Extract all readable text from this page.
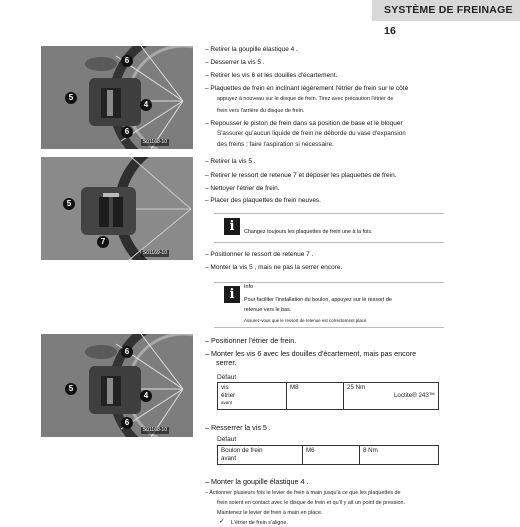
SYSTÈME DE FREINAGE 16
6
5
4
6
S01168-10
– Retirer la goupille élastique 4 .
– Desserrer la vis 5 .
– Retirer les vis 6 et les douilles d'écartement.
– Plaquettes de frein en inclinant légèrement l'étrier de frein sur le côté
appuyez à nouveau sur le disque de frein. Tirez avec précaution l'étrier de
frein vers l'arrière du disque de frein.
– Repousser le piston de frein dans sa position de base et le bloquer
S'assurer qu'aucun liquide de frein ne déborde du vase d'expansion
des freins ; faire l'aspiration si nécessaire.
5
7
S01169-10
– Retirer la vis 5 .
– Retirer le ressort de retenue 7 et déposer les plaquettes de frein.
– Nettoyer l'étrier de frein.
– Placer des plaquettes de frein neuves.
i	Changez toujours les plaquettes de frein une à la fois.
– Positionner le ressort de retenue 7 .
– Monter la vis 5 , mais ne pas la serrer encore.
i	Info
Pour faciliter l'installation du boulon, appuyez sur le ressort de
retenue vers le bas.
Assurez-vous que le ressort de retenue est correctement placé.
6
5
4
6
S01168-10
– Positionner l'étrier de frein.
– Monter les vis 6 avec les douilles d'écartement, mais pas encore
serrer.
Défaut
vis
étrier
avant
	M8	25 Nm
Loctite® 243™
– Resserrer la vis 5 .
Défaut
Boulon de frein
avant
	M6	8 Nm
– Monter la goupille élastique 4 .
– Actionner plusieurs fois le levier de frein à main jusqu'à ce que les plaquettes de
frein soient en contact avec le disque de frein et qu'il y ait un point de pression.
Maintenez le levier de frein à main en place.
✓ L'étrier de frein s'aligne.
